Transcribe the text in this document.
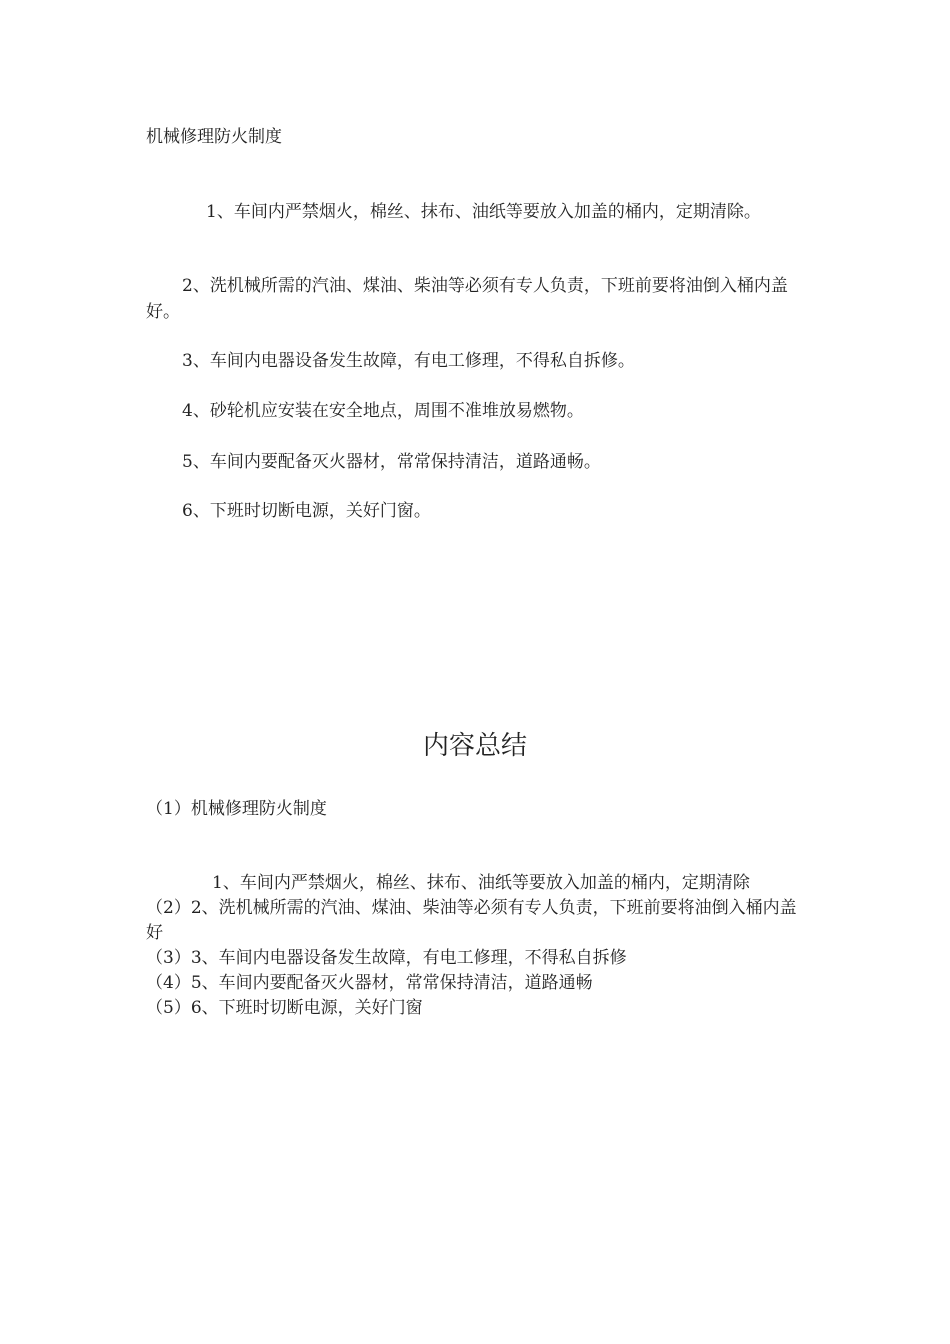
机械修理防火制度

1、车间内严禁烟火，棉丝、抹布、油纸等要放入加盖的桶内，定期清除。

2、洗机械所需的汽油、煤油、柴油等必须有专人负责，下班前要将油倒入桶内盖好。

3、车间内电器设备发生故障，有电工修理，不得私自拆修。

4、砂轮机应安装在安全地点，周围不准堆放易燃物。

5、车间内要配备灭火器材，常常保持清洁，道路通畅。

6、下班时切断电源，关好门窗。

内容总结

（1）机械修理防火制度

1、车间内严禁烟火，棉丝、抹布、油纸等要放入加盖的桶内，定期清除
（2）2、洗机械所需的汽油、煤油、柴油等必须有专人负责，下班前要将油倒入桶内盖好
（3）3、车间内电器设备发生故障，有电工修理，不得私自拆修
（4）5、车间内要配备灭火器材，常常保持清洁，道路通畅
（5）6、下班时切断电源，关好门窗
